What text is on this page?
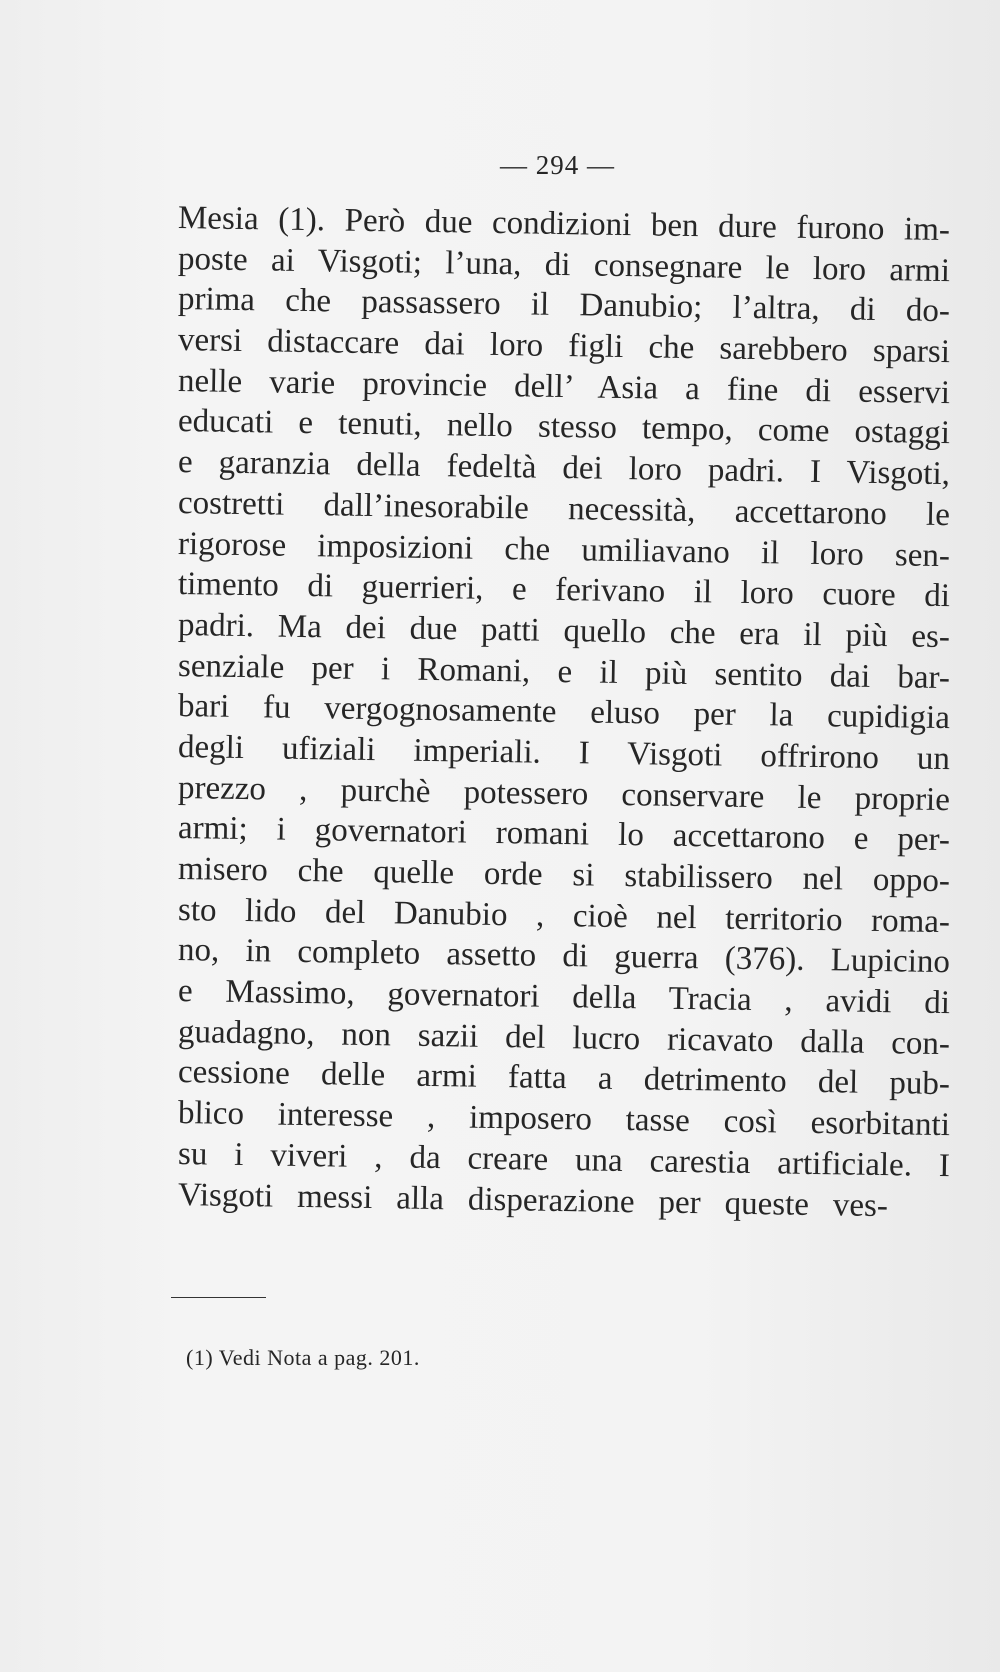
— 294 —
Mesia (1). Però due condizioni ben dure furono im-
poste ai Visgoti; l’una, di consegnare le loro armi
prima che passassero il Danubio; l’altra, di do-
versi distaccare dai loro figli che sarebbero sparsi
nelle varie provincie dell’ Asia a fine di esservi
educati e tenuti, nello stesso tempo, come ostaggi
e garanzia della fedeltà dei loro padri. I Visgoti,
costretti dall’inesorabile necessità, accettarono le
rigorose imposizioni che umiliavano il loro sen-
timento di guerrieri, e ferivano il loro cuore di
padri. Ma dei due patti quello che era il più es-
senziale per i Romani, e il più sentito dai bar-
bari fu vergognosamente eluso per la cupidigia
degli ufiziali imperiali. I Visgoti offrirono un
prezzo , purchè potessero conservare le proprie
armi; i governatori romani lo accettarono e per-
misero che quelle orde si stabilissero nel oppo-
sto lido del Danubio , cioè nel territorio roma-
no, in completo assetto di guerra (376). Lupicino
e Massimo, governatori della Tracia , avidi di
guadagno, non sazii del lucro ricavato dalla con-
cessione delle armi fatta a detrimento del pub-
blico interesse , imposero tasse così esorbitanti
su i viveri , da creare una carestia artificiale. I
Visgoti messi alla disperazione per queste ves-
(1) Vedi Nota a pag. 201.
